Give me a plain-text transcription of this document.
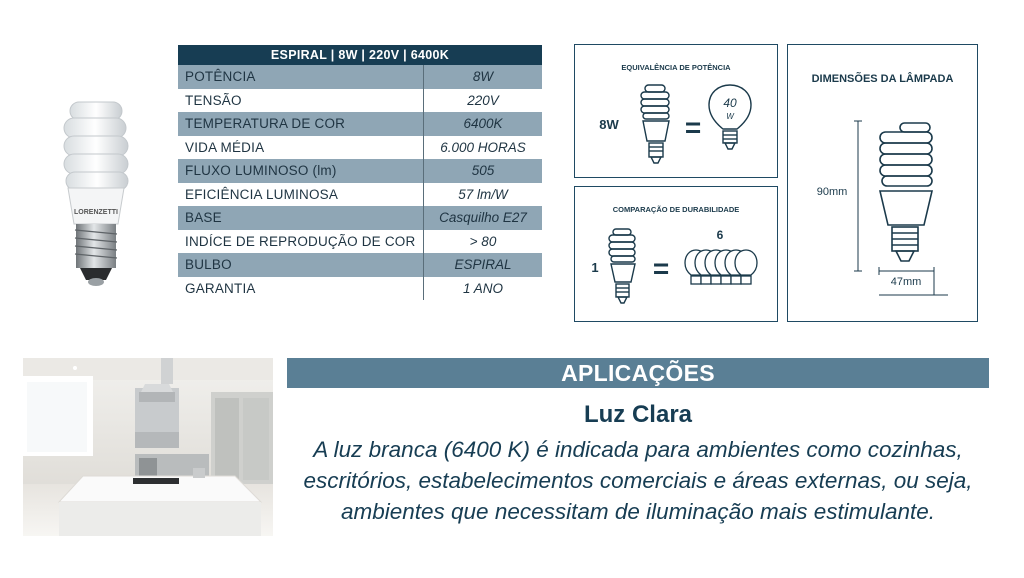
LORENZETTI
ESPIRAL | 8W | 220V | 6400K	
POTÊNCIA	8W
TENSÃO	220V
TEMPERATURA DE COR	6400K
VIDA MÉDIA	6.000 HORAS
FLUXO LUMINOSO (lm)	505
EFICIÊNCIA LUMINOSA	57 lm/W
BASE	Casquilho E27
INDÍCE DE REPRODUÇÃO DE COR	> 80
BULBO	ESPIRAL
GARANTIA	1 ANO
EQUIVALÊNCIA DE POTÊNCIA
8W =
40
W
COMPARAÇÃO DE DURABILIDADE
1 =
6
DIMENSÕES DA LÂMPADA
90mm
47mm
APLICAÇÕES
Luz Clara
A luz branca (6400 K) é indicada para ambientes como cozinhas,
escritórios, estabelecimentos comerciais e áreas externas, ou seja,
ambientes que necessitam de iluminação mais estimulante.
